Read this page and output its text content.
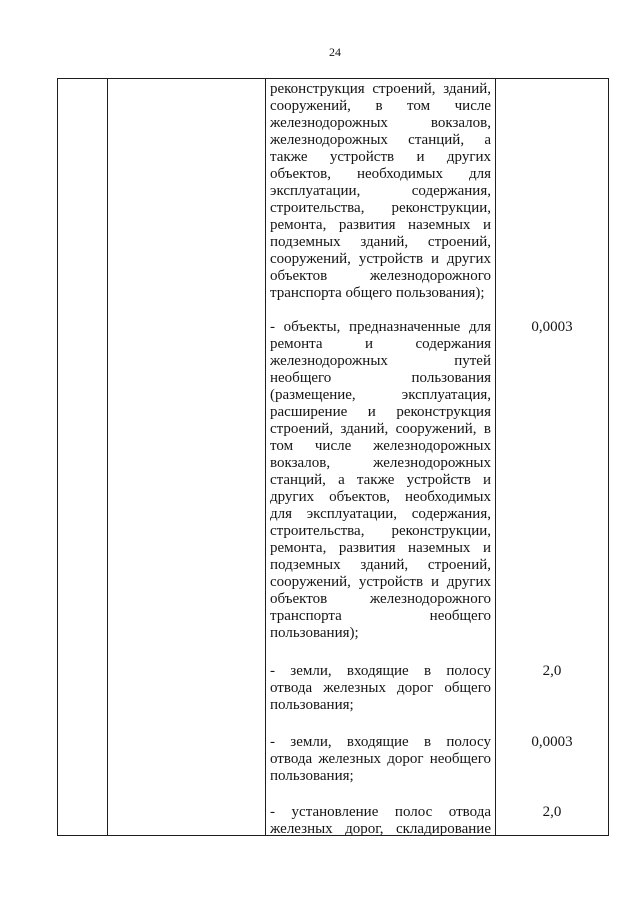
24
реконструкция строений, зданий,
сооружений, в том числе
железнодорожных вокзалов,
железнодорожных станций, а
также устройств и других
объектов, необходимых для
эксплуатации, содержания,
строительства, реконструкции,
ремонта, развития наземных и
подземных зданий, строений,
сооружений, устройств и других
объектов железнодорожного
транспорта общего пользования);
- объекты, предназначенные для
ремонта и содержания
железнодорожных путей
необщего пользования
(размещение, эксплуатация,
расширение и реконструкция
строений, зданий, сооружений, в
том числе железнодорожных
вокзалов, железнодорожных
станций, а также устройств и
других объектов, необходимых
для эксплуатации, содержания,
строительства, реконструкции,
ремонта, развития наземных и
подземных зданий, строений,
сооружений, устройств и других
объектов железнодорожного
транспорта необщего
пользования);
0,0003
- земли, входящие в полосу
отвода железных дорог общего
пользования;
2,0
- земли, входящие в полосу
отвода железных дорог необщего
пользования;
0,0003
- установление полос отвода
железных дорог, складирование
2,0
